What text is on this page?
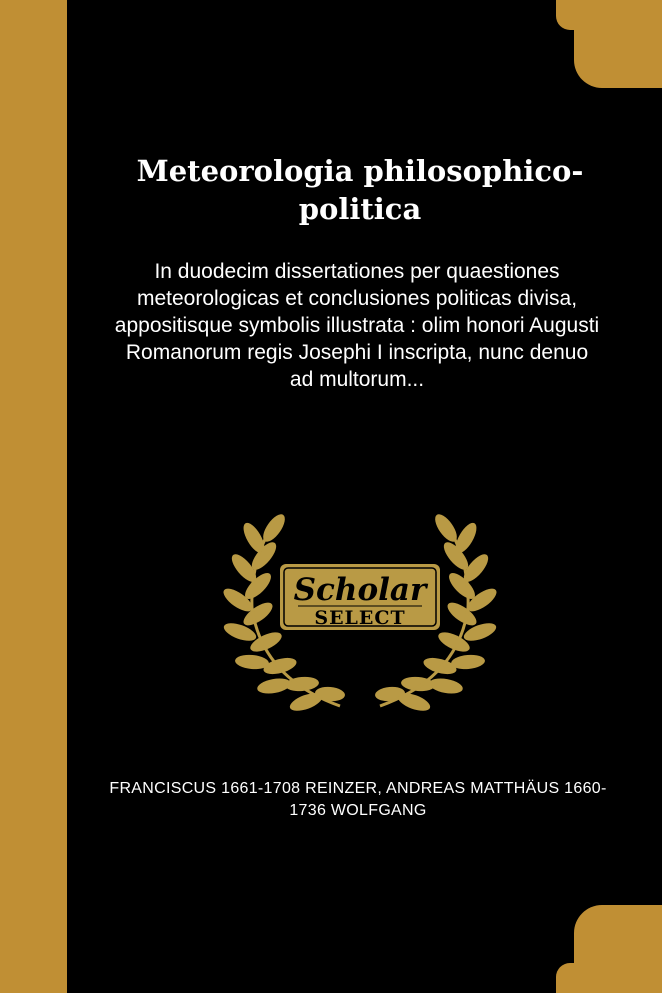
Meteorologia philosophico-politica

In duodecim dissertationes per quaestiones meteorologicas et conclusiones politicas divisa, appositisque symbolis illustrata : olim honori Augusti Romanorum regis Josephi I inscripta, nunc denuo ad multorum...

Scholar
SELECT

FRANCISCUS 1661-1708 REINZER, ANDREAS MATTHÄUS 1660-1736 WOLFGANG
